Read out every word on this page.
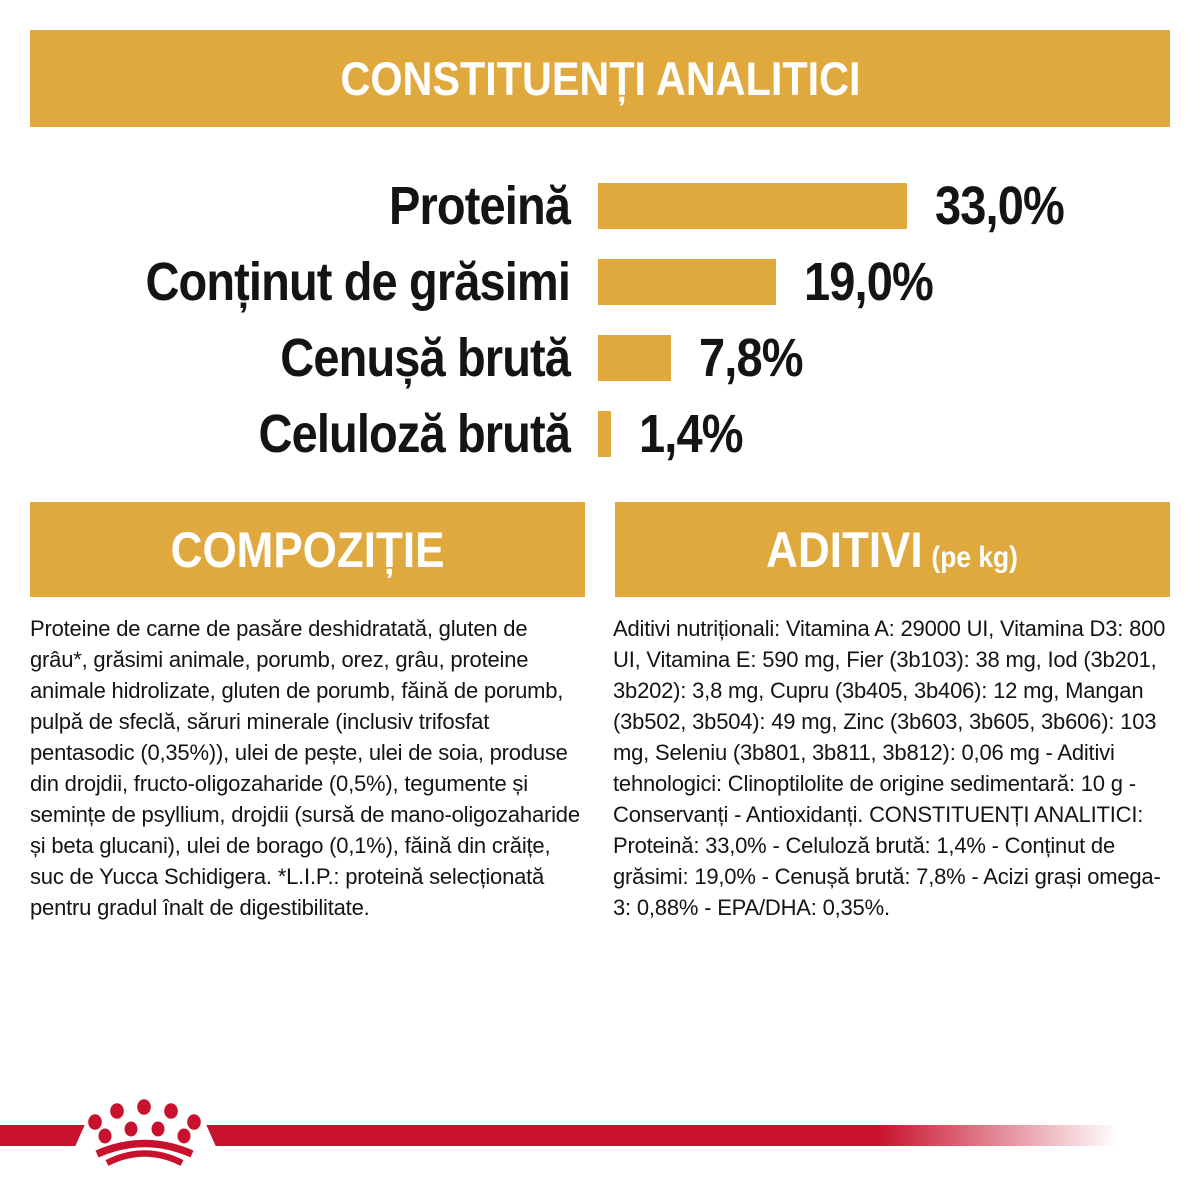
CONSTITUENȚI ANALITICI
Proteină	33,0%
Conținut de grăsimi	19,0%
Cenușă brută 7,8%
Celuloză brută 1,4%
COMPOZIȚIE	ADITIVI (pe kg)
Proteine de carne de pasăre deshidratată, gluten de grâu*, grăsimi animale, porumb, orez, grâu, proteine animale hidrolizate, gluten de porumb, făină de porumb, pulpă de sfeclă, săruri minerale (inclusiv trifosfat pentasodic (0,35%)), ulei de pește, ulei de soia, produse din drojdii, fructo-oligozaharide (0,5%), tegumente și semințe de psyllium, drojdii (sursă de mano-oligozaharide și beta glucani), ulei de borago (0,1%), făină din crăițe, suc de Yucca Schidigera. *L.I.P.: proteină selecționată pentru gradul înalt de digestibilitate.
Aditivi nutriționali: Vitamina A: 29000 UI, Vitamina D3: 800 UI, Vitamina E: 590 mg, Fier (3b103): 38 mg, Iod (3b201, 3b202): 3,8 mg, Cupru (3b405, 3b406): 12 mg, Mangan (3b502, 3b504): 49 mg, Zinc (3b603, 3b605, 3b606): 103 mg, Seleniu (3b801, 3b811, 3b812): 0,06 mg - Aditivi tehnologici: Clinoptilolite de origine sedimentară: 10 g - Conservanți - Antioxidanți. CONSTITUENȚI ANALITICI: Proteină: 33,0% - Celuloză brută: 1,4% - Conținut de grăsimi: 19,0% - Cenușă brută: 7,8% - Acizi grași omega-3: 0,88% - EPA/DHA: 0,35%.
